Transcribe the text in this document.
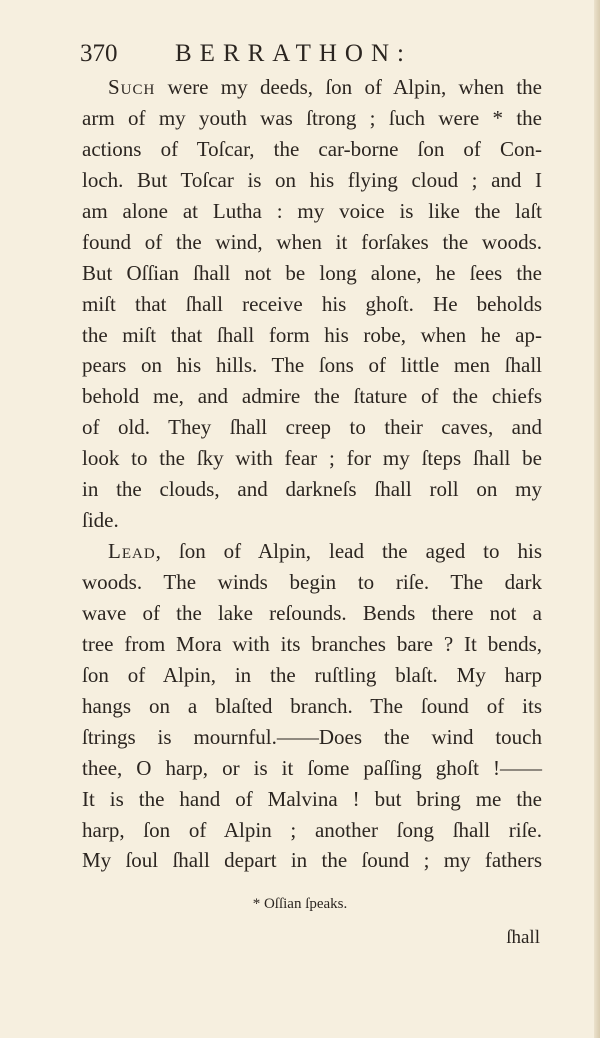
370 BERRATHON:
Such were my deeds, ſon of Alpin, when the
arm of my youth was ſtrong ; ſuch were * the
actions of Toſcar, the car-borne ſon of Con-
loch. But Toſcar is on his flying cloud ; and I
am alone at Lutha : my voice is like the laſt
found of the wind, when it forſakes the woods.
But Oſſian ſhall not be long alone, he ſees the
miſt that ſhall receive his ghoſt. He beholds
the miſt that ſhall form his robe, when he ap-
pears on his hills. The ſons of little men ſhall
behold me, and admire the ſtature of the chiefs
of old. They ſhall creep to their caves, and
look to the ſky with fear ; for my ſteps ſhall be
in the clouds, and darkneſs ſhall roll on my
ſide.
Lead, ſon of Alpin, lead the aged to his
woods. The winds begin to riſe. The dark
wave of the lake reſounds. Bends there not a
tree from Mora with its branches bare ? It bends,
ſon of Alpin, in the ruſtling blaſt. My harp
hangs on a blaſted branch. The ſound of its
ſtrings is mournful.——Does the wind touch
thee, O harp, or is it ſome paſſing ghoſt !——
It is the hand of Malvina ! but bring me the
harp, ſon of Alpin ; another ſong ſhall riſe.
My ſoul ſhall depart in the ſound ; my fathers
* Oſſian ſpeaks.
ſhall
